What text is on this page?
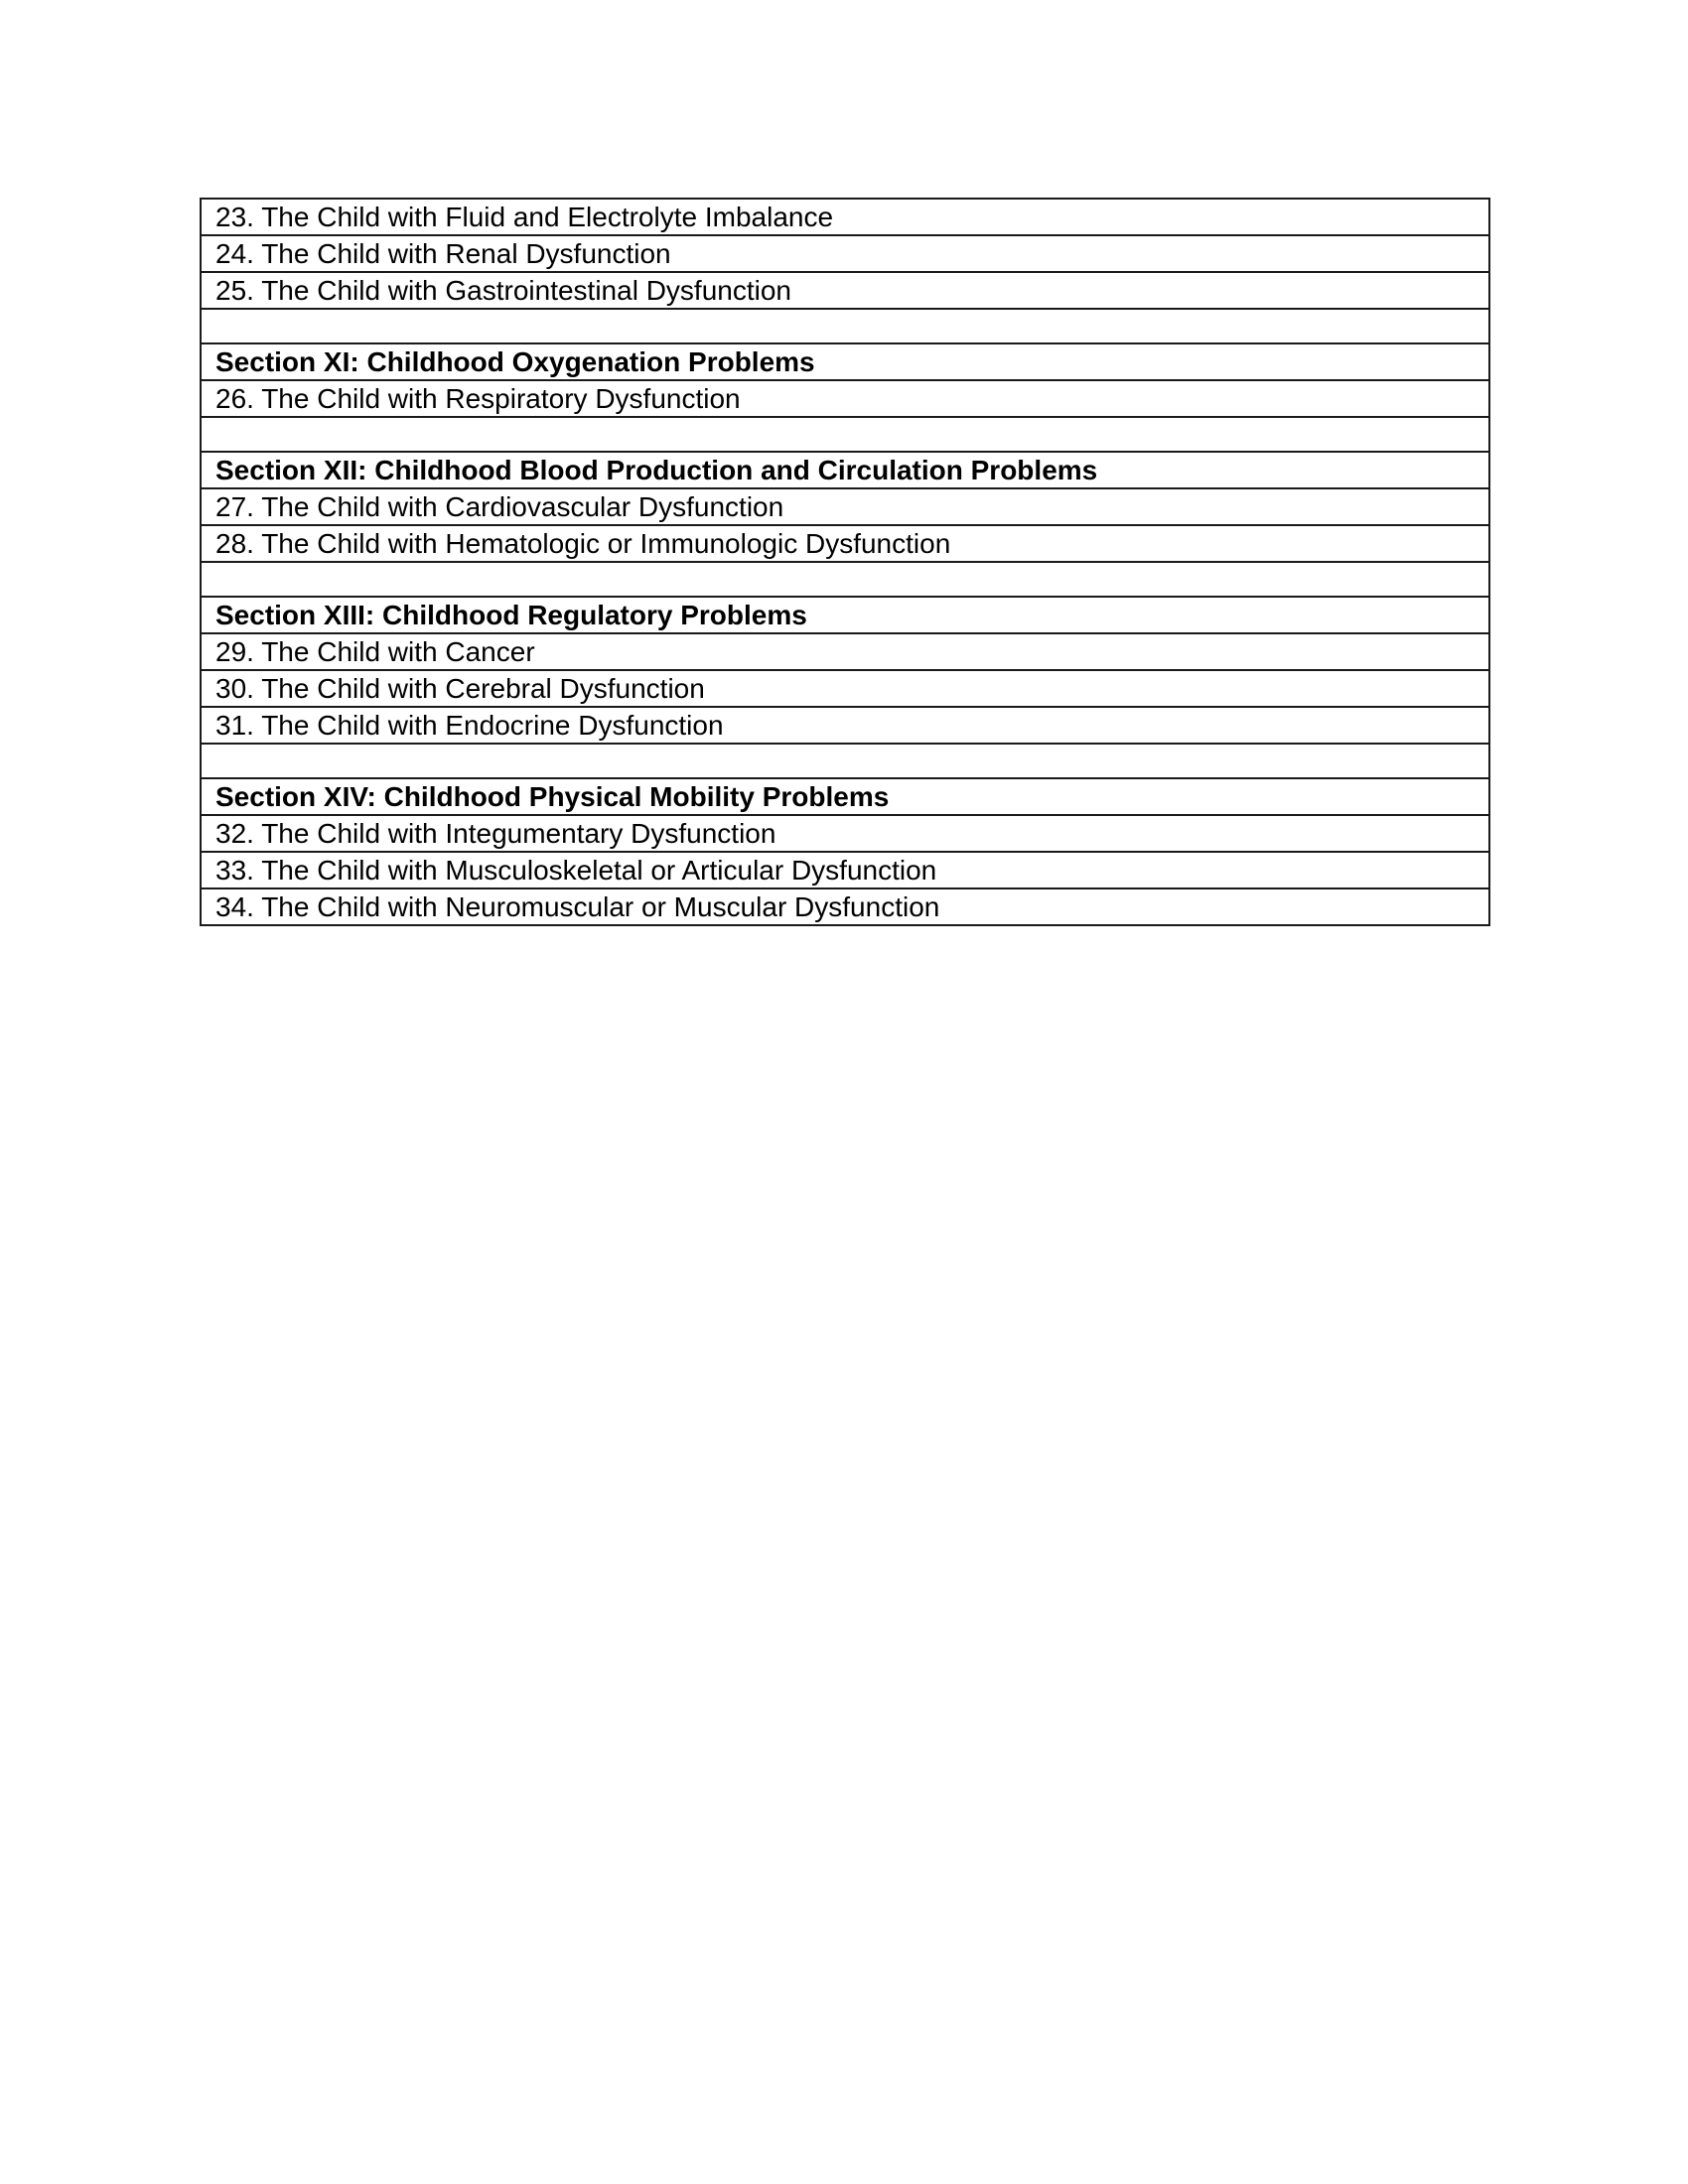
23. The Child with Fluid and Electrolyte Imbalance
24. The Child with Renal Dysfunction
25. The Child with Gastrointestinal Dysfunction

Section XI: Childhood Oxygenation Problems
26. The Child with Respiratory Dysfunction

Section XII: Childhood Blood Production and Circulation Problems
27. The Child with Cardiovascular Dysfunction
28. The Child with Hematologic or Immunologic Dysfunction

Section XIII: Childhood Regulatory Problems
29. The Child with Cancer
30. The Child with Cerebral Dysfunction
31. The Child with Endocrine Dysfunction

Section XIV: Childhood Physical Mobility Problems
32. The Child with Integumentary Dysfunction
33. The Child with Musculoskeletal or Articular Dysfunction
34. The Child with Neuromuscular or Muscular Dysfunction
